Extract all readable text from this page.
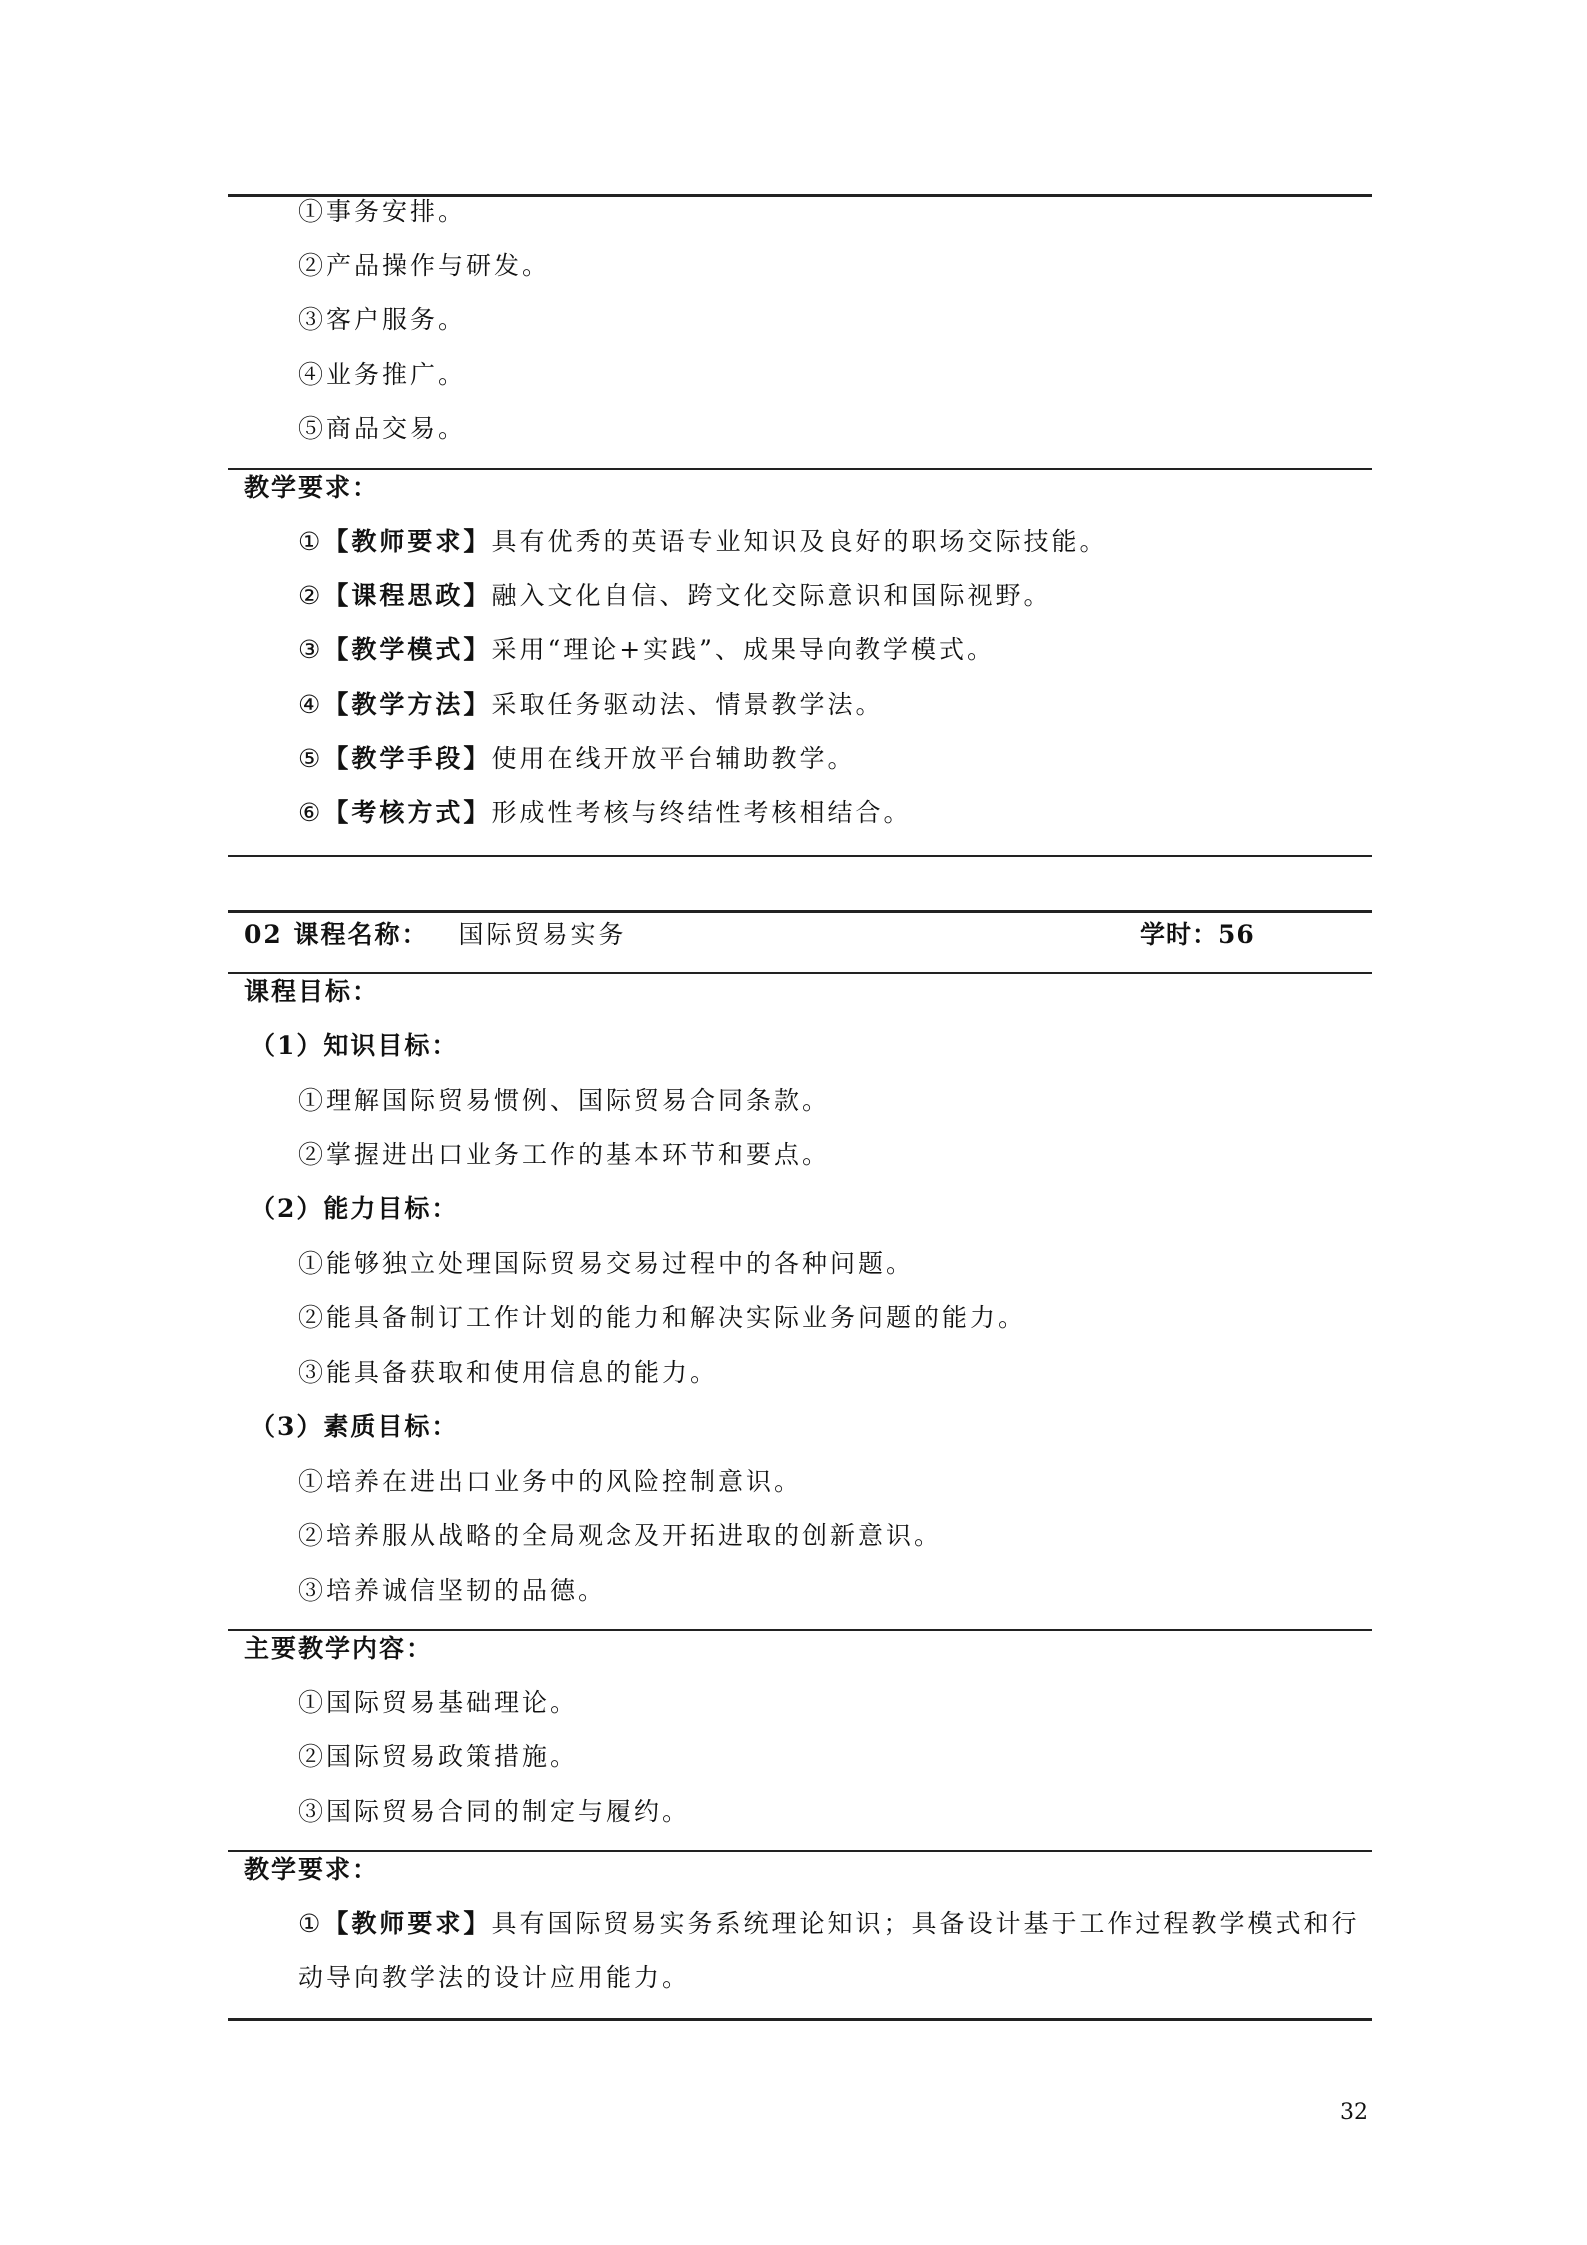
①事务安排。
②产品操作与研发。
③客户服务。
④业务推广。
⑤商品交易。
教学要求：
①【教师要求】具有优秀的英语专业知识及良好的职场交际技能。
②【课程思政】融入文化自信、跨文化交际意识和国际视野。
③【教学模式】采用“理论+实践”、成果导向教学模式。
④【教学方法】采取任务驱动法、情景教学法。
⑤【教学手段】使用在线开放平台辅助教学。
⑥【考核方式】形成性考核与终结性考核相结合。
02 课程名称： 国际贸易实务	学时：56
课程目标：
（1）知识目标：
①理解国际贸易惯例、国际贸易合同条款。
②掌握进出口业务工作的基本环节和要点。
（2）能力目标：
①能够独立处理国际贸易交易过程中的各种问题。
②能具备制订工作计划的能力和解决实际业务问题的能力。
③能具备获取和使用信息的能力。
（3）素质目标：
①培养在进出口业务中的风险控制意识。
②培养服从战略的全局观念及开拓进取的创新意识。
③培养诚信坚韧的品德。
主要教学内容：
①国际贸易基础理论。
②国际贸易政策措施。
③国际贸易合同的制定与履约。
教学要求：
①【教师要求】具有国际贸易实务系统理论知识；具备设计基于工作过程教学模式和行
动导向教学法的设计应用能力。
32
